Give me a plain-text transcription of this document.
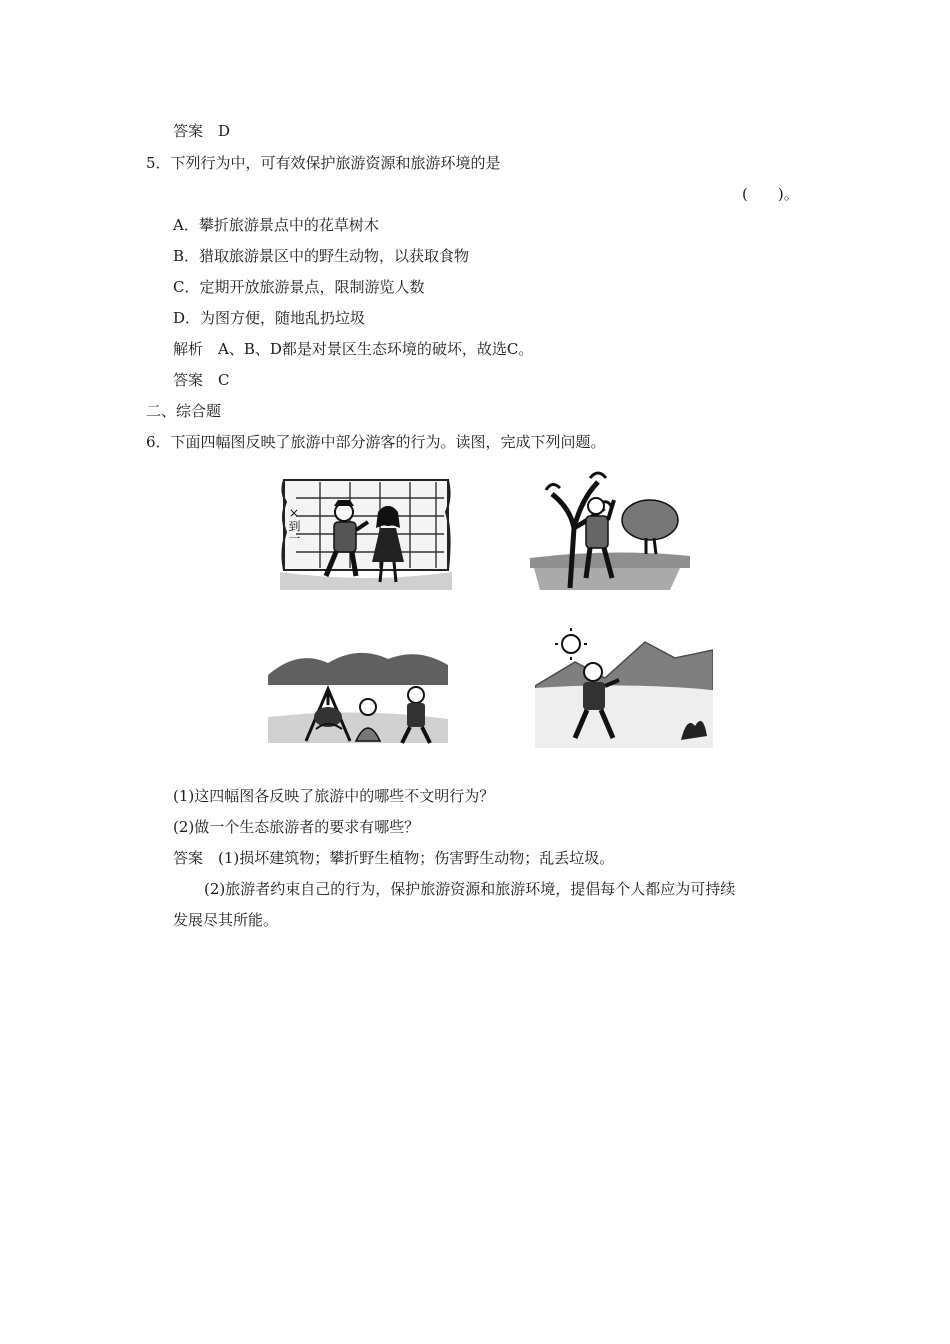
答案　D
5．下列行为中，可有效保护旅游资源和旅游环境的是
(　　)。
A．攀折旅游景点中的花草树木
B．猎取旅游景区中的野生动物，以获取食物
C．定期开放旅游景点，限制游览人数
D．为图方便，随地乱扔垃圾
解析　A、B、D都是对景区生态环境的破坏，故选C。
答案　C
二、综合题
6．下面四幅图反映了旅游中部分游客的行为。读图，完成下列问题。
×到一
(1)这四幅图各反映了旅游中的哪些不文明行为？
(2)做一个生态旅游者的要求有哪些？
答案　(1)损坏建筑物；攀折野生植物；伤害野生动物；乱丢垃圾。
(2)旅游者约束自己的行为，保护旅游资源和旅游环境，提倡每个人都应为可持续
发展尽其所能。
